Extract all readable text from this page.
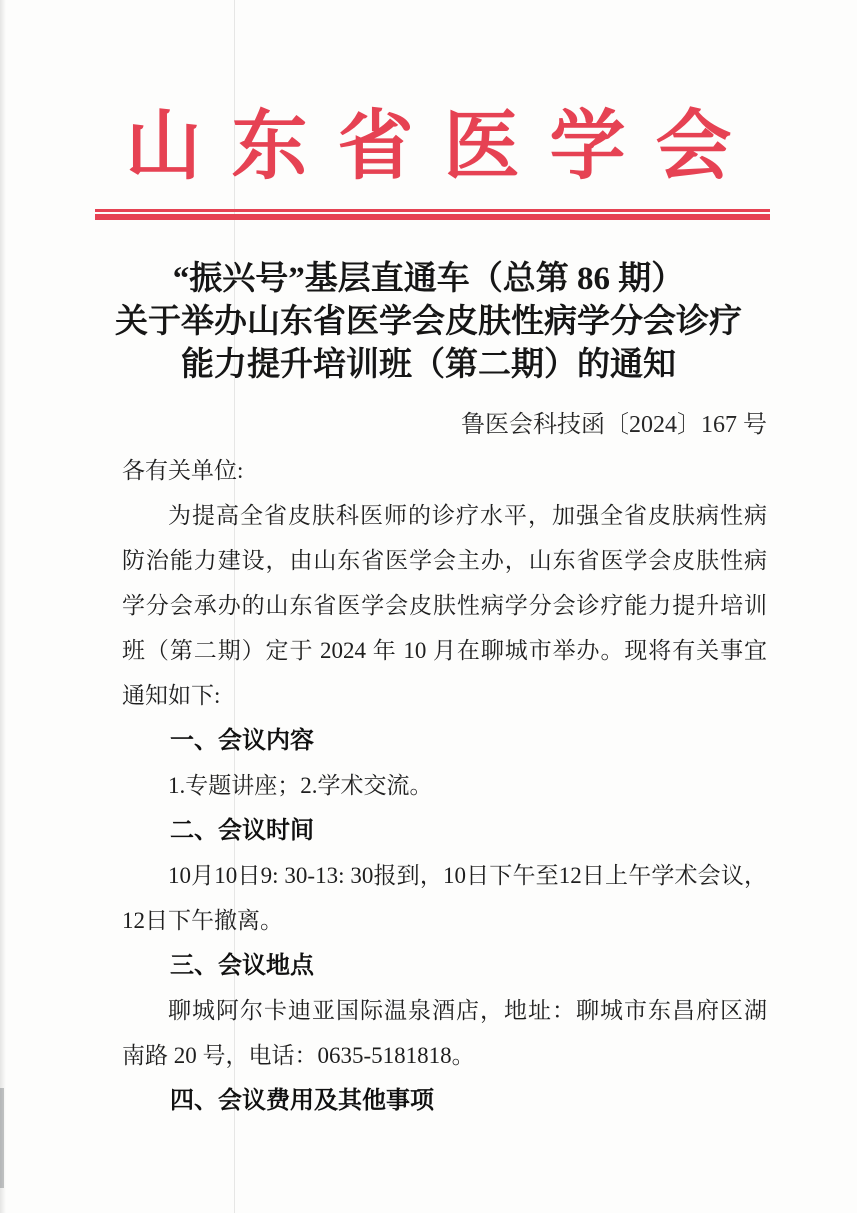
山东省医学会
“振兴号”基层直通车（总第 86 期）
关于举办山东省医学会皮肤性病学分会诊疗
能力提升培训班（第二期）的通知
鲁医会科技函〔2024〕167 号
各有关单位:
为提高全省皮肤科医师的诊疗水平，加强全省皮肤病性病
防治能力建设，由山东省医学会主办，山东省医学会皮肤性病
学分会承办的山东省医学会皮肤性病学分会诊疗能力提升培训
班（第二期）定于 2024 年 10 月在聊城市举办。现将有关事宜
通知如下:
一、会议内容
1.专题讲座；2.学术交流。
二、会议时间
10月10日9: 30-13: 30报到，10日下午至12日上午学术会议，
12日下午撤离。
三、会议地点
聊城阿尔卡迪亚国际温泉酒店，地址：聊城市东昌府区湖
南路 20 号，电话：0635-5181818。
四、会议费用及其他事项
